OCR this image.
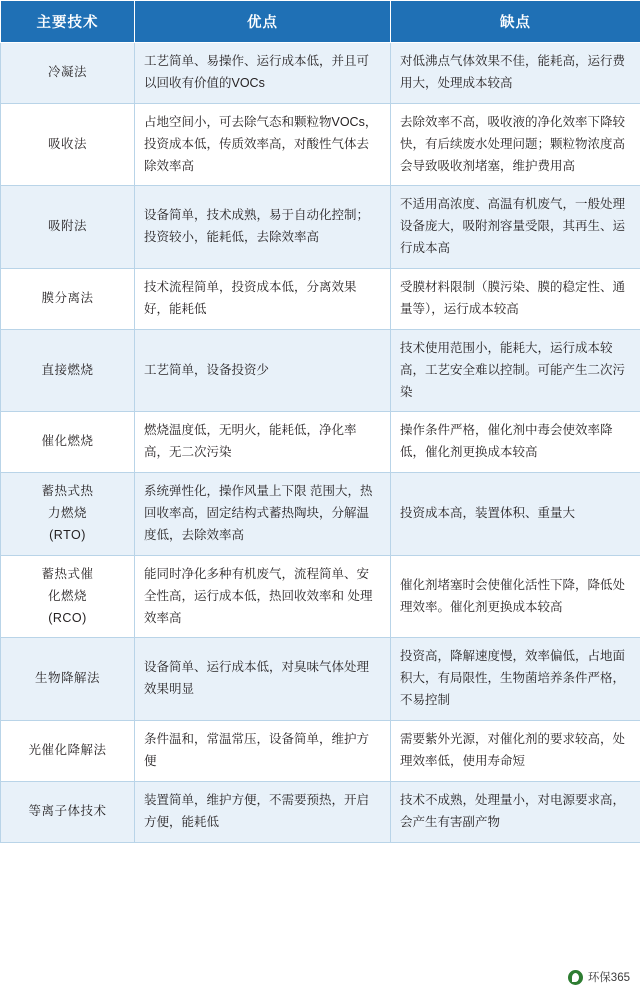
主要技术	优点	缺点

冷凝法	工艺简单、易操作、运行成本低，并且可以回收有价值的VOCs	对低沸点气体效果不佳，能耗高，运行费用大，处理成本较高

吸收法	占地空间小，可去除气态和颗粒物VOCs，投资成本低，传质效率高，对酸性气体去除效率高	去除效率不高，吸收液的净化效率下降较快，有后续废水处理问题；颗粒物浓度高会导致吸收剂堵塞，维护费用高

吸附法	设备简单，技术成熟，易于自动化控制；投资较小，能耗低，去除效率高	不适用高浓度、高温有机废气，一般处理设备庞大，吸附剂容量受限，其再生、运行成本高

膜分离法	技术流程简单，投资成本低，分离效果好，能耗低	受膜材料限制（膜污染、膜的稳定性、通量等），运行成本较高

直接燃烧	工艺简单，设备投资少	技术使用范围小，能耗大，运行成本较高，工艺安全难以控制。可能产生二次污染

催化燃烧	燃烧温度低，无明火，能耗低，净化率高，无二次污染	操作条件严格，催化剂中毒会使效率降低，催化剂更换成本较高

蓄热式热
力燃烧
(RTO)	系统弹性化，操作风量上下限 范围大，热回收率高，固定结构式蓄热陶块，分解温度低，去除效率高	投资成本高，装置体积、重量大

蓄热式催
化燃烧
(RCO)	能同时净化多种有机废气，流程简单、安全性高，运行成本低，热回收效率和 处理效率高	催化剂堵塞时会使催化活性下降，降低处理效率。催化剂更换成本较高

生物降解法	设备简单、运行成本低，对臭味气体处理效果明显	投资高，降解速度慢，效率偏低，占地面积大，有局限性，生物菌培养条件严格，不易控制

光催化降解法	条件温和，常温常压，设备简单，维护方便	需要紫外光源，对催化剂的要求较高，处理效率低，使用寿命短

等离子体技术	装置简单，维护方便，不需要预热，开启方便，能耗低	技术不成熟，处理量小，对电源要求高，会产生有害副产物
环保365
